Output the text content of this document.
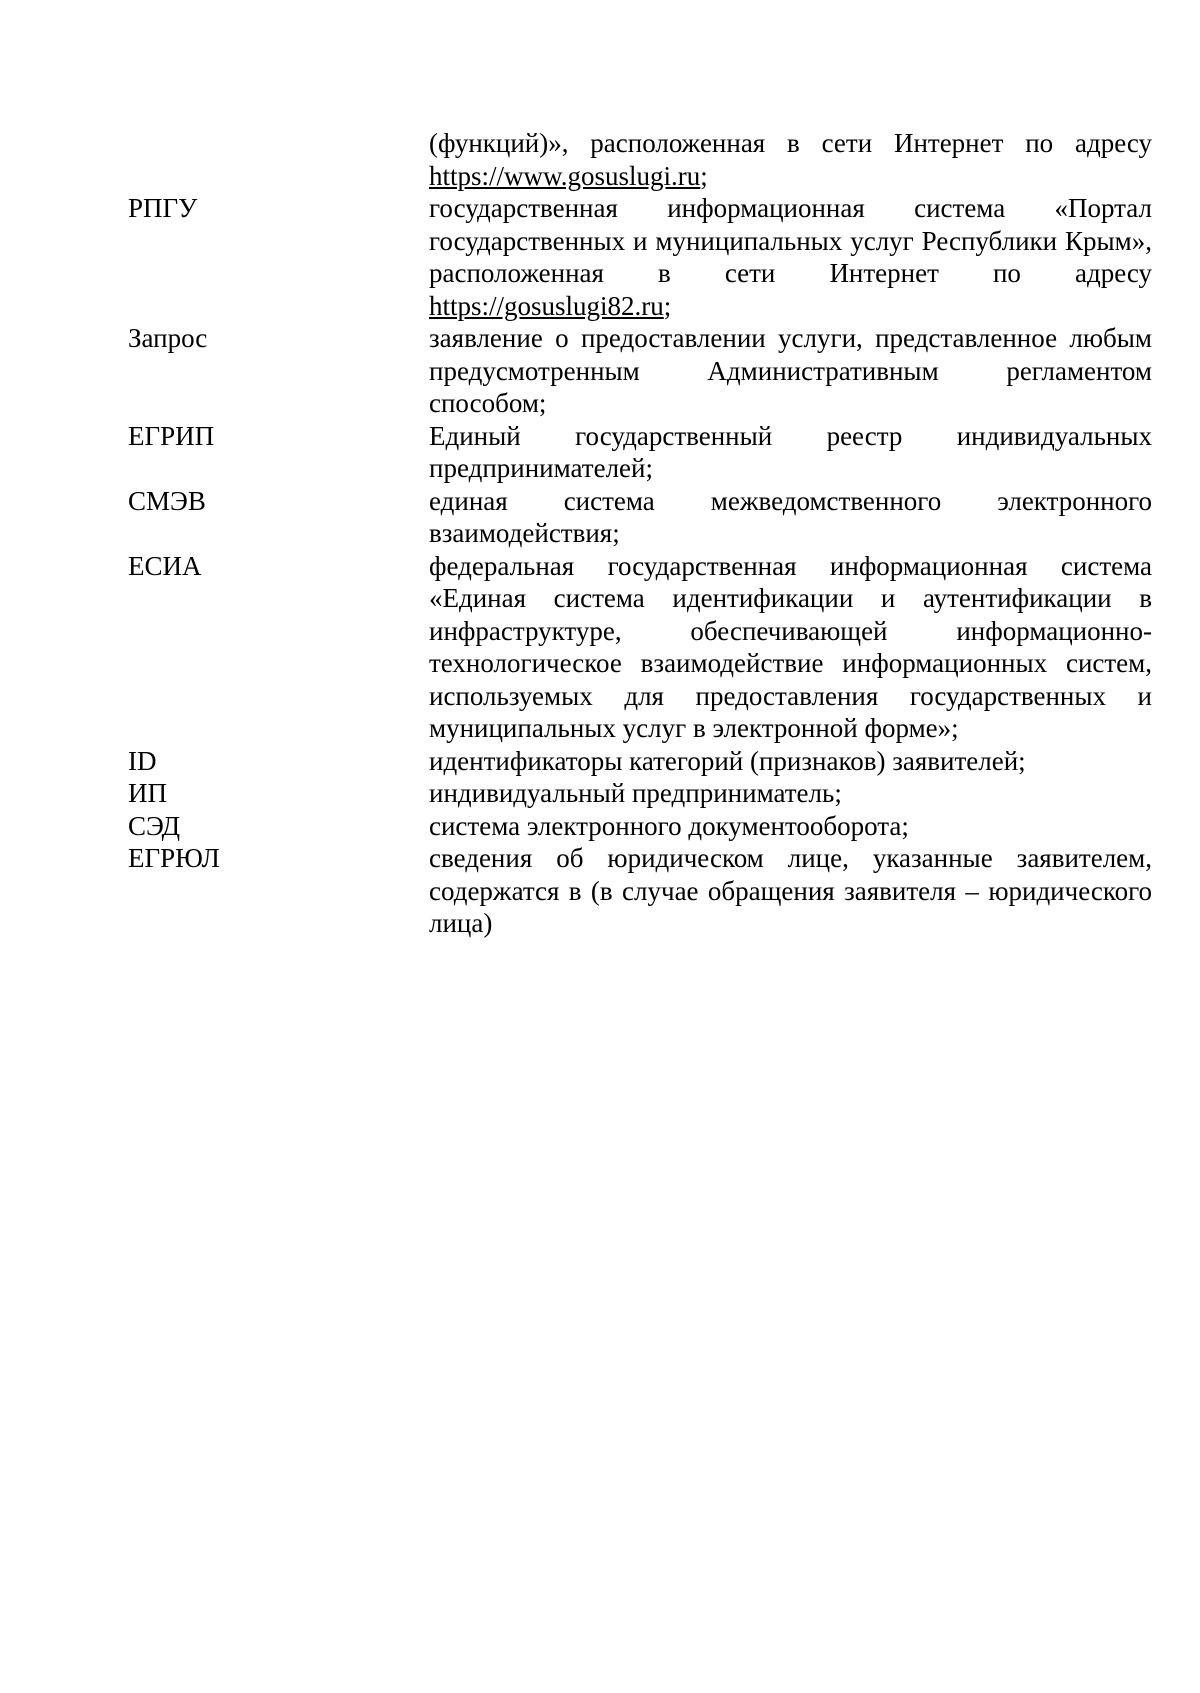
(функций)», расположенная в сети Интернет по адресу https://www.gosuslugi.ru;
РПГУ	государственная информационная система «Портал государственных и муниципальных услуг Республики Крым», расположенная в сети Интернет по адресу https://gosuslugi82.ru;
Запрос	заявление о предоставлении услуги, представленное любым предусмотренным Административным регламентом способом;
ЕГРИП	Единый государственный реестр индивидуальных предпринимателей;
СМЭВ	единая система межведомственного электронного взаимодействия;
ЕСИА	федеральная государственная информационная система «Единая система идентификации и аутентификации в инфраструктуре, обеспечивающей информационно-технологическое взаимодействие информационных систем, используемых для предоставления государственных и муниципальных услуг в электронной форме»;
ID	идентификаторы категорий (признаков) заявителей;
ИП	индивидуальный предприниматель;
СЭД	система электронного документооборота;
ЕГРЮЛ	сведения об юридическом лице, указанные заявителем, содержатся в (в случае обращения заявителя – юридического лица)
